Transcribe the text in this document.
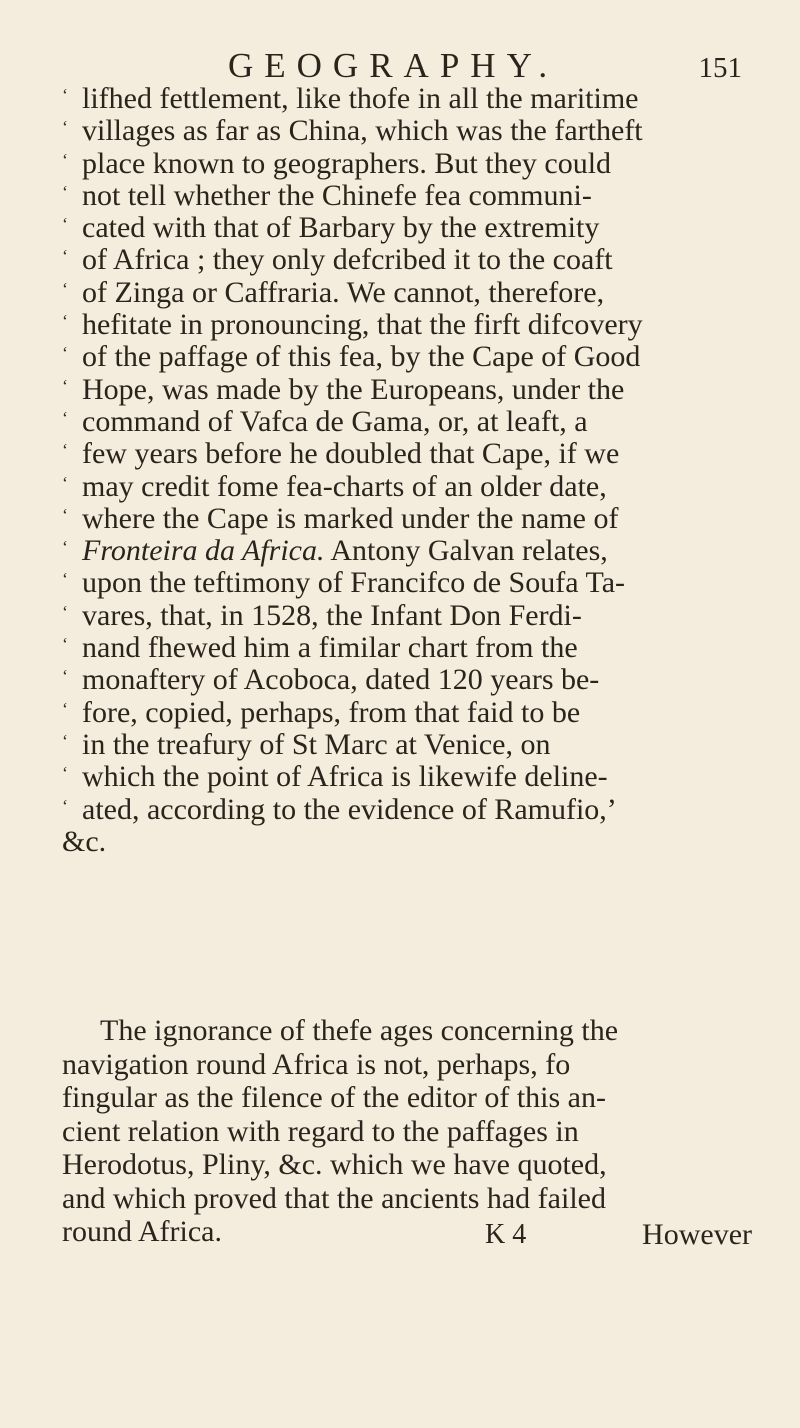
GEOGRAPHY.	151
‘ lifhed fettlement, like thofe in all the maritime
‘ villages as far as China, which was the fartheft
‘ place known to geographers. But they could
‘ not tell whether the Chinefe fea communi-
‘ cated with that of Barbary by the extremity
‘ of Africa ; they only defcribed it to the coaft
‘ of Zinga or Caffraria. We cannot, therefore,
‘ hefitate in pronouncing, that the firft difcovery
‘ of the paffage of this fea, by the Cape of Good
‘ Hope, was made by the Europeans, under the
‘ command of Vafca de Gama, or, at leaft, a
‘ few years before he doubled that Cape, if we
‘ may credit fome fea-charts of an older date,
‘ where the Cape is marked under the name of
‘ Fronteira da Africa. Antony Galvan relates,
‘ upon the teftimony of Francifco de Soufa Ta-
‘ vares, that, in 1528, the Infant Don Ferdi-
‘ nand fhewed him a fimilar chart from the
‘ monaftery of Acoboca, dated 120 years be-
‘ fore, copied, perhaps, from that faid to be
‘ in the treafury of St Marc at Venice, on
‘ which the point of Africa is likewife deline-
‘ ated, according to the evidence of Ramufio,’
&c.
The ignorance of thefe ages concerning the
navigation round Africa is not, perhaps, fo
fingular as the filence of the editor of this an-
cient relation with regard to the paffages in
Herodotus, Pliny, &c. which we have quoted,
and which proved that the ancients had failed
round Africa.	K 4	However
